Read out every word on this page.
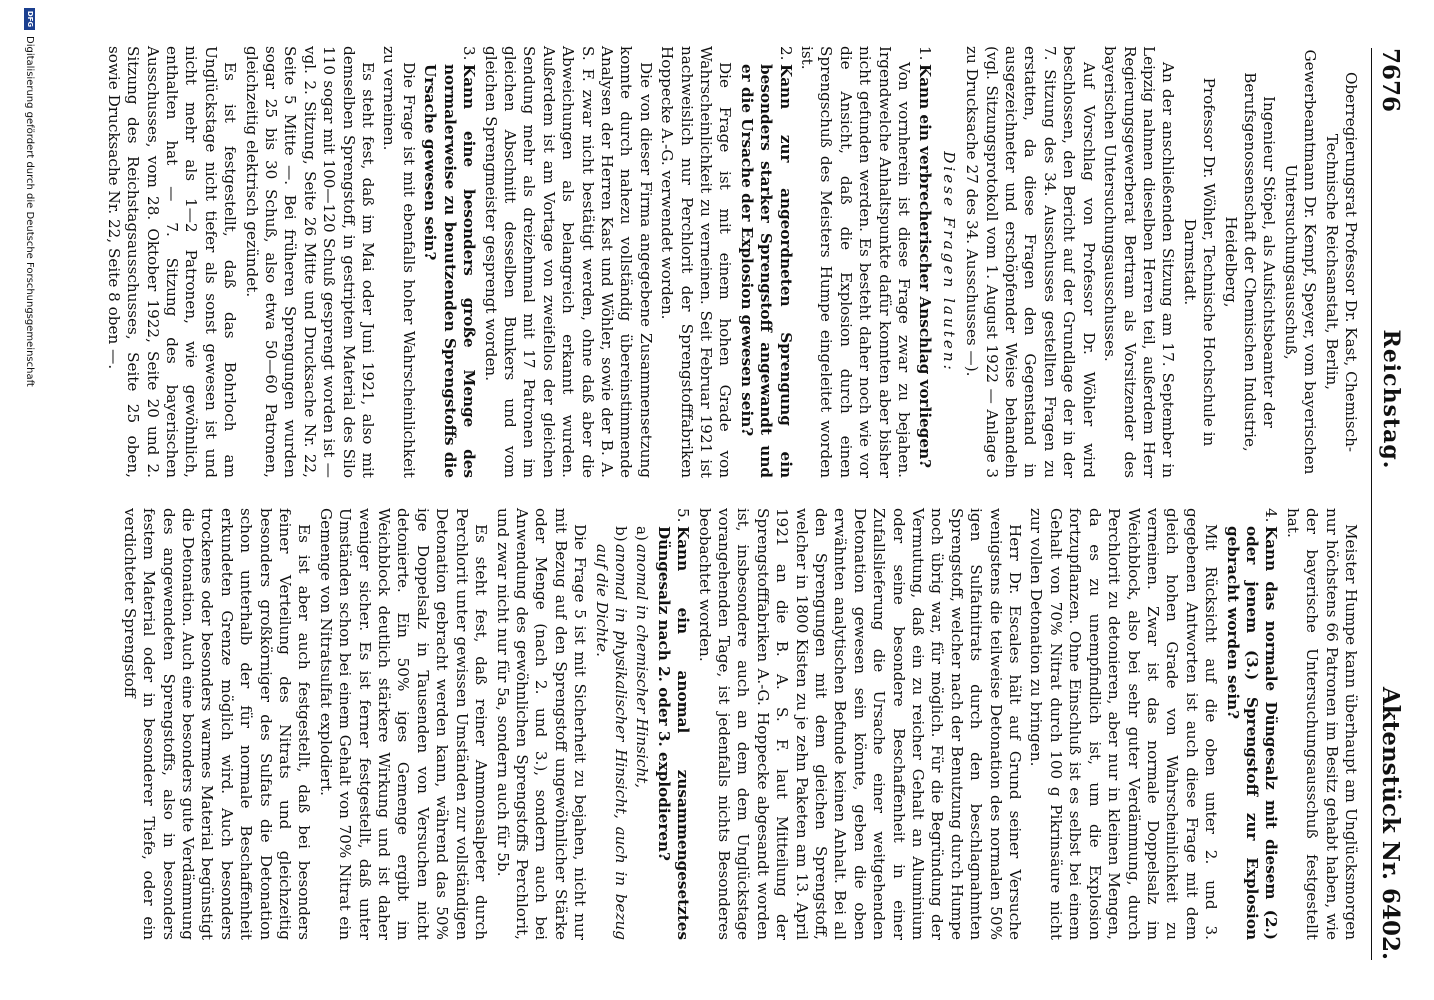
7676
Reichstag.
Aktenstück Nr. 6402.

Oberregierungsrat Professor Dr. Kast, Chemisch-Technische Reichsanstalt, Berlin,

Gewerbeamtmann Dr. Kempf, Speyer, vom bayerischen Untersuchungsausschuß,

Ingenieur Stöpel, als Aufsichtsbeamter der Berufsgenossenschaft der Chemischen Industrie, Heidelberg,

Professor Dr. Wöhler, Technische Hochschule in Darmstadt.

An der anschließenden Sitzung am 17. September in Leipzig nahmen dieselben Herren teil, außerdem Herr Regierungsgewerberat Bertram als Vorsitzender des bayerischen Untersuchungsausschusses.

Auf Vorschlag von Professor Dr. Wöhler wird beschlossen, den Bericht auf der Grundlage der in der 7. Sitzung des 34. Ausschusses gestellten Fragen zu erstatten, da diese Fragen den Gegenstand in ausgezeichneter und erschöpfender Weise behandeln (vgl. Sitzungsprotokoll vom 1. August 1922 — Anlage 3 zu Drucksache 27 des 34. Ausschusses —).

Diese Fragen lauten:

1.
Kann ein verbrecherischer Anschlag vorliegen?

Von vornherein ist diese Frage zwar zu bejahen. Irgendwelche Anhaltspunkte dafür konnten aber bisher nicht gefunden werden. Es besteht daher noch wie vor die Ansicht, daß die Explosion durch einen Sprengschuß des Meisters Humpe eingeleitet worden ist.

2.
Kann zur angeordneten Sprengung ein besonders starker Sprengstoff angewandt und er die Ursache der Explosion gewesen sein?

Die Frage ist mit einem hohen Grade von Wahrscheinlichkeit zu verneinen. Seit Februar 1921 ist nachweislich nur Perchlorit der Sprengstofffabriken Hoppecke A.-G. verwendet worden.

Die von dieser Firma angegebene Zusammensetzung konnte durch nahezu vollständig übereinstimmende Analysen der Herren Kast und Wöhler, sowie der B. A. S. F. zwar nicht bestätigt werden, ohne daß aber die Abweichungen als belangreich erkannt wurden. Außerdem ist am Vortage von zweifellos der gleichen Sendung mehr als dreizehnmal mit 17 Patronen im gleichen Abschnitt desselben Bunkers und vom gleichen Sprengmeister gesprengt worden.

3.
Kann eine besonders große Menge des normalerweise zu benutzenden Sprengstoffs die Ursache gewesen sein?

Die Frage ist mit ebenfalls hoher Wahrscheinlichkeit zu verneinen.

Es steht fest, daß im Mai oder Juni 1921, also mit demselben Sprengstoff, in gestriptem Material des Silo 110 sogar mit 100—120 Schuß gesprengt worden ist — vgl. 2. Sitzung, Seite 26 Mitte und Drucksache Nr. 22, Seite 5 Mitte —. Bei früheren Sprengungen wurden sogar 25 bis 30 Schuß, also etwa 50—60 Patronen, gleichzeitig elektrisch gezündet.

Es ist festgestellt, daß das Bohrloch am Unglückstage nicht tiefer als sonst gewesen ist und nicht mehr als 1—2 Patronen, wie gewöhnlich, enthalten hat — 7. Sitzung des bayerischen Ausschusses, vom 28. Oktober 1922, Seite 20 und 2. Sitzung des Reichstagsausschusses, Seite 25 oben, sowie Drucksache Nr. 22, Seite 8 oben —.

Meister Humpe kann überhaupt am Unglücksmorgen nur höchstens 66 Patronen im Besitz gehabt haben, wie der bayerische Untersuchungsausschuß festgestellt hat.

4.
Kann das normale Düngesalz mit diesem (2.) oder jenem (3.) Sprengstoff zur Explosion gebracht worden sein?

Mit Rücksicht auf die oben unter 2. und 3. gegebenen Antworten ist auch diese Frage mit dem gleich hohen Grade von Wahrscheinlichkeit zu verneinen. Zwar ist das normale Doppelsalz im Weichblock, also bei sehr guter Verdämmung, durch Perchlorit zu detonieren, aber nur in kleinen Mengen, da es zu unempfindlich ist, um die Explosion fortzupflanzen. Ohne Einschluß ist es selbst bei einem Gehalt von 70% Nitrat durch 100 g Pikrinsäure nicht zur vollen Detonation zu bringen.

Herr Dr. Escales hält auf Grund seiner Versuche wenigstens die teilweise Detonation des normalen 50% igen Sulfatnitrats durch den beschlagnahmten Sprengstoff, welcher nach der Benutzung durch Humpe noch übrig war, für möglich. Für die Begründung der Vermutung, daß ein zu reicher Gehalt an Aluminium oder seine besondere Beschaffenheit in einer Zufallslieferung die Ursache einer weitgehenden Detonation gewesen sein könnte, geben die oben erwähnten analytischen Befunde keinen Anhalt. Bei all den Sprengungen mit dem gleichen Sprengstoff, welcher in 1800 Kisten zu je zehn Paketen am 13. April 1921 an die B. A. S. F. laut Mitteilung der Sprengstofffabriken A.-G. Hoppecke abgesandt worden ist, insbesondere auch an dem dem Unglückstage vorangehenden Tage, ist jedenfalls nichts Besonderes beobachtet worden.

5.
Kann ein anomal zusammengesetztes Düngesalz nach 2. oder 3. explodieren?

a)
anomal in chemischer Hinsicht,

b)
anomal in physikalischer Hinsicht, auch in bezug auf die Dichte.

Die Frage 5 ist mit Sicherheit zu bejahen, nicht nur mit Bezug auf den Sprengstoff ungewöhnlicher Stärke oder Menge (nach 2. und 3.), sondern auch bei Anwendung des gewöhnlichen Sprengstoffs Perchlorit, und zwar nicht nur für 5a, sondern auch für 5b.

Es steht fest, daß reiner Ammonsalpeter durch Perchlorit unter gewissen Umständen zur vollständigen Detonation gebracht werden kann, während das 50% ige Doppelsalz in Tausenden von Versuchen nicht detonierte. Ein 50% iges Gemenge ergibt im Weichblock deutlich stärkere Wirkung und ist daher weniger sicher. Es ist ferner festgestellt, daß unter Umständen schon bei einem Gehalt von 70% Nitrat ein Gemenge von Nitratsulfat explodiert.

Es ist aber auch festgestellt, daß bei besonders feiner Verteilung des Nitrats und gleichzeitig besonders großkörniger des Sulfats die Detonation schon unterhalb der für normale Beschaffenheit erkundeten Grenze möglich wird. Auch besonders trockenes oder besonders warmes Material begünstigt die Detonation. Auch eine besonders gute Verdämmung des angewendeten Sprengstoffs, also in besonders festem Material oder in besonderer Tiefe, oder ein verdichteter Sprengstoff

DFG
Digitalisierung gefördert durch die Deutsche Forschungsgemeinschaft
